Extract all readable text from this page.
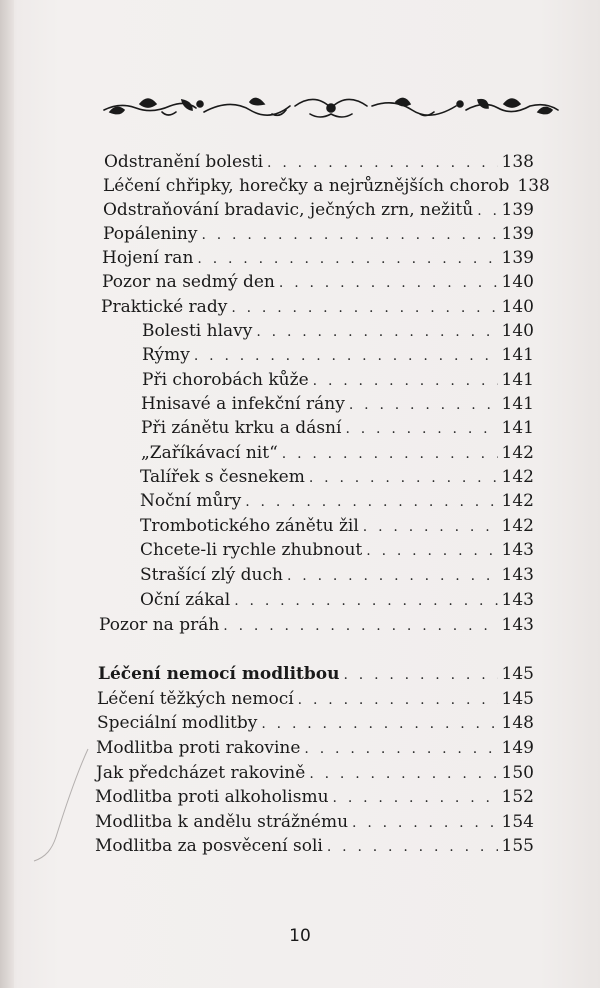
Odstranění bolesti . . .	138
Léčení chřipky, horečky a nejrůznějších chorob 138
Odstraňování bradavic, ječných zrn, nežitů . . . 139
Popáleniny . . .	139
Hojení ran . . .	139
Pozor na sedmý den . . .	140
Praktické rady . . .	140
Bolesti hlavy . . .	140
Rýmy . . .	141
Při chorobách kůže . . .	141
Hnisavé a infekční rány . . .	141
Při zánětu krku a dásní . . .	141
„Zaříkávací nit“ . . .	142
Talířek s česnekem . . .	142
Noční můry . . .	142
Trombotického zánětu žil . . .	142
Chcete-li rychle zhubnout . . .	143
Strašící zlý duch . . .	143
Oční zákal . . .	143
Pozor na práh . . .	143
Léčení nemocí modlitbou . . .	145
Léčení těžkých nemocí . . .	145
Speciální modlitby . . .	148
Modlitba proti rakovine . . .	149
Jak předcházet rakovině . . .	150
Modlitba proti alkoholismu . . .	152
Modlitba k andělu strážnému . . .	154
Modlitba za posvěcení soli . . .	155
10
